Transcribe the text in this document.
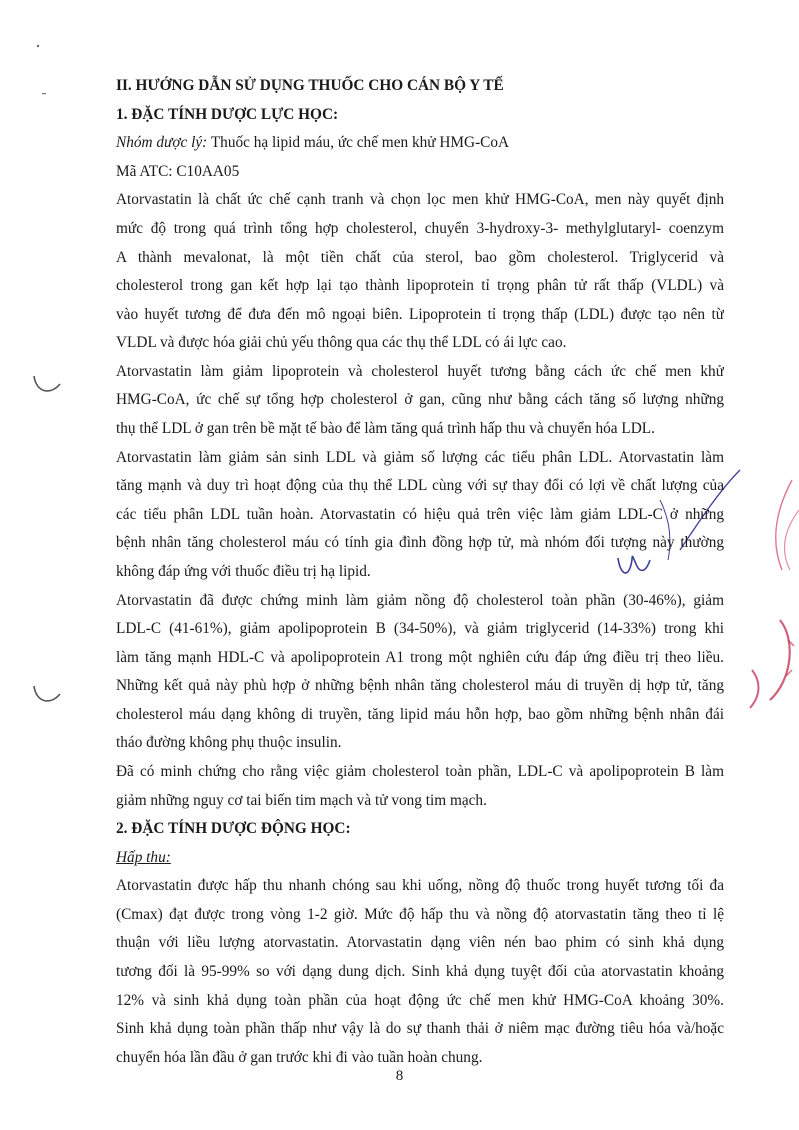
II. HƯỚNG DẪN SỬ DỤNG THUỐC CHO CÁN BỘ Y TẾ
1. ĐẶC TÍNH DƯỢC LỰC HỌC:
Nhóm dược lý: Thuốc hạ lipid máu, ức chế men khử HMG-CoA
Mã ATC: C10AA05
Atorvastatin là chất ức chế cạnh tranh và chọn lọc men khử HMG-CoA, men này quyết định
mức độ trong quá trình tổng hợp cholesterol, chuyển 3-hydroxy-3- methylglutaryl- coenzym
A thành mevalonat, là một tiền chất của sterol, bao gồm cholesterol. Triglycerid và
cholesterol trong gan kết hợp lại tạo thành lipoprotein tỉ trọng phân tử rất thấp (VLDL) và
vào huyết tương để đưa đến mô ngoại biên. Lipoprotein tỉ trọng thấp (LDL) được tạo nên từ
VLDL và được hóa giải chủ yếu thông qua các thụ thể LDL có ái lực cao.
Atorvastatin làm giảm lipoprotein và cholesterol huyết tương bằng cách ức chế men khử
HMG-CoA, ức chế sự tổng hợp cholesterol ở gan, cũng như bằng cách tăng số lượng những
thụ thể LDL ở gan trên bề mặt tế bào để làm tăng quá trình hấp thu và chuyển hóa LDL.
Atorvastatin làm giảm sản sinh LDL và giảm số lượng các tiểu phân LDL. Atorvastatin làm
tăng mạnh và duy trì hoạt động của thụ thể LDL cùng với sự thay đổi có lợi về chất lượng của
các tiểu phân LDL tuần hoàn. Atorvastatin có hiệu quả trên việc làm giảm LDL-C ở những
bệnh nhân tăng cholesterol máu có tính gia đình đồng hợp tử, mà nhóm đối tượng này thường
không đáp ứng với thuốc điều trị hạ lipid.
Atorvastatin đã được chứng minh làm giảm nồng độ cholesterol toàn phần (30-46%), giảm
LDL-C (41-61%), giảm apolipoprotein B (34-50%), và giảm triglycerid (14-33%) trong khi
làm tăng mạnh HDL-C và apolipoprotein A1 trong một nghiên cứu đáp ứng điều trị theo liều.
Những kết quả này phù hợp ở những bệnh nhân tăng cholesterol máu di truyền dị hợp tử, tăng
cholesterol máu dạng không di truyền, tăng lipid máu hỗn hợp, bao gồm những bệnh nhân đái
tháo đường không phụ thuộc insulin.
Đã có minh chứng cho rằng việc giảm cholesterol toàn phần, LDL-C và apolipoprotein B làm
giảm những nguy cơ tai biến tim mạch và tử vong tim mạch.
2. ĐẶC TÍNH DƯỢC ĐỘNG HỌC:
Hấp thu:
Atorvastatin được hấp thu nhanh chóng sau khi uống, nồng độ thuốc trong huyết tương tối đa
(Cmax) đạt được trong vòng 1-2 giờ. Mức độ hấp thu và nồng độ atorvastatin tăng theo tỉ lệ
thuận với liều lượng atorvastatin. Atorvastatin dạng viên nén bao phim có sinh khả dụng
tương đối là 95-99% so với dạng dung dịch. Sinh khả dụng tuyệt đối của atorvastatin khoảng
12% và sinh khả dụng toàn phần của hoạt động ức chế men khử HMG-CoA khoảng 30%.
Sinh khả dụng toàn phần thấp như vậy là do sự thanh thải ở niêm mạc đường tiêu hóa và/hoặc
chuyển hóa lần đầu ở gan trước khi đi vào tuần hoàn chung.
8
